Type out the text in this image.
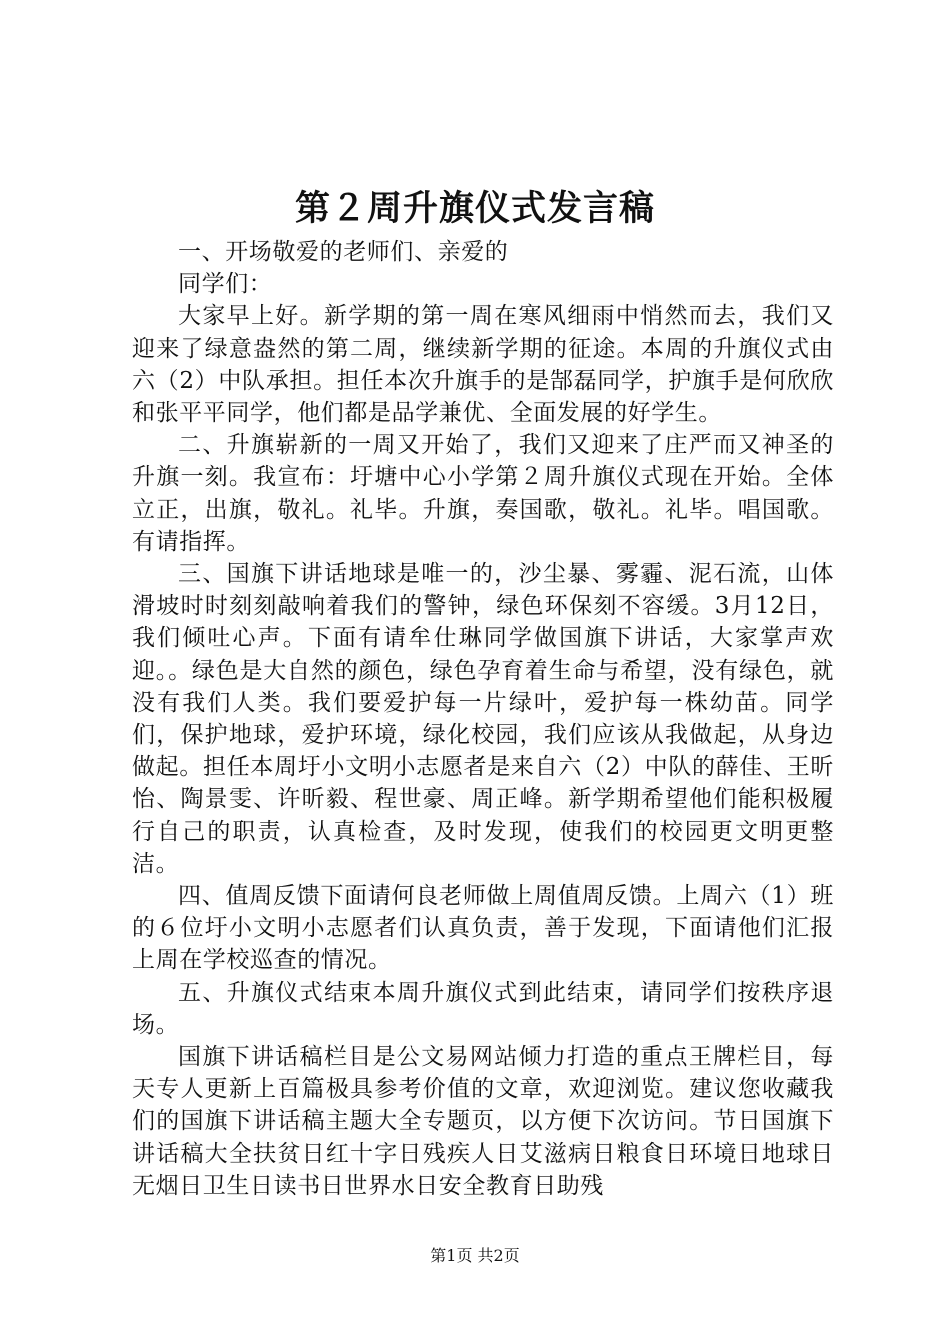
第２周升旗仪式发言稿

一、开场敬爱的老师们、亲爱的

同学们：

大家早上好。新学期的第一周在寒风细雨中悄然而去，我们又迎来了绿意盎然的第二周，继续新学期的征途。本周的升旗仪式由六（2）中队承担。担任本次升旗手的是郜磊同学，护旗手是何欣欣和张平平同学，他们都是品学兼优、全面发展的好学生。

二、升旗崭新的一周又开始了，我们又迎来了庄严而又神圣的升旗一刻。我宣布：圩塘中心小学第２周升旗仪式现在开始。全体立正，出旗，敬礼。礼毕。升旗，奏国歌，敬礼。礼毕。唱国歌。有请指挥。

三、国旗下讲话地球是唯一的，沙尘暴、雾霾、泥石流，山体滑坡时时刻刻敲响着我们的警钟，绿色环保刻不容缓。3月12日，我们倾吐心声。下面有请牟仕琳同学做国旗下讲话，大家掌声欢迎。。绿色是大自然的颜色，绿色孕育着生命与希望，没有绿色，就没有我们人类。我们要爱护每一片绿叶，爱护每一株幼苗。同学们，保护地球，爱护环境，绿化校园，我们应该从我做起，从身边做起。担任本周圩小文明小志愿者是来自六（2）中队的薛佳、王昕怡、陶景雯、许昕毅、程世豪、周正峰。新学期希望他们能积极履行自己的职责，认真检查，及时发现，使我们的校园更文明更整洁。

四、值周反馈下面请何良老师做上周值周反馈。上周六（1）班的６位圩小文明小志愿者们认真负责，善于发现，下面请他们汇报上周在学校巡查的情况。

五、升旗仪式结束本周升旗仪式到此结束，请同学们按秩序退场。

国旗下讲话稿栏目是公文易网站倾力打造的重点王牌栏目，每天专人更新上百篇极具参考价值的文章，欢迎浏览。建议您收藏我们的国旗下讲话稿主题大全专题页，以方便下次访问。节日国旗下讲话稿大全扶贫日红十字日残疾人日艾滋病日粮食日环境日地球日无烟日卫生日读书日世界水日安全教育日助残

第1页 共2页
